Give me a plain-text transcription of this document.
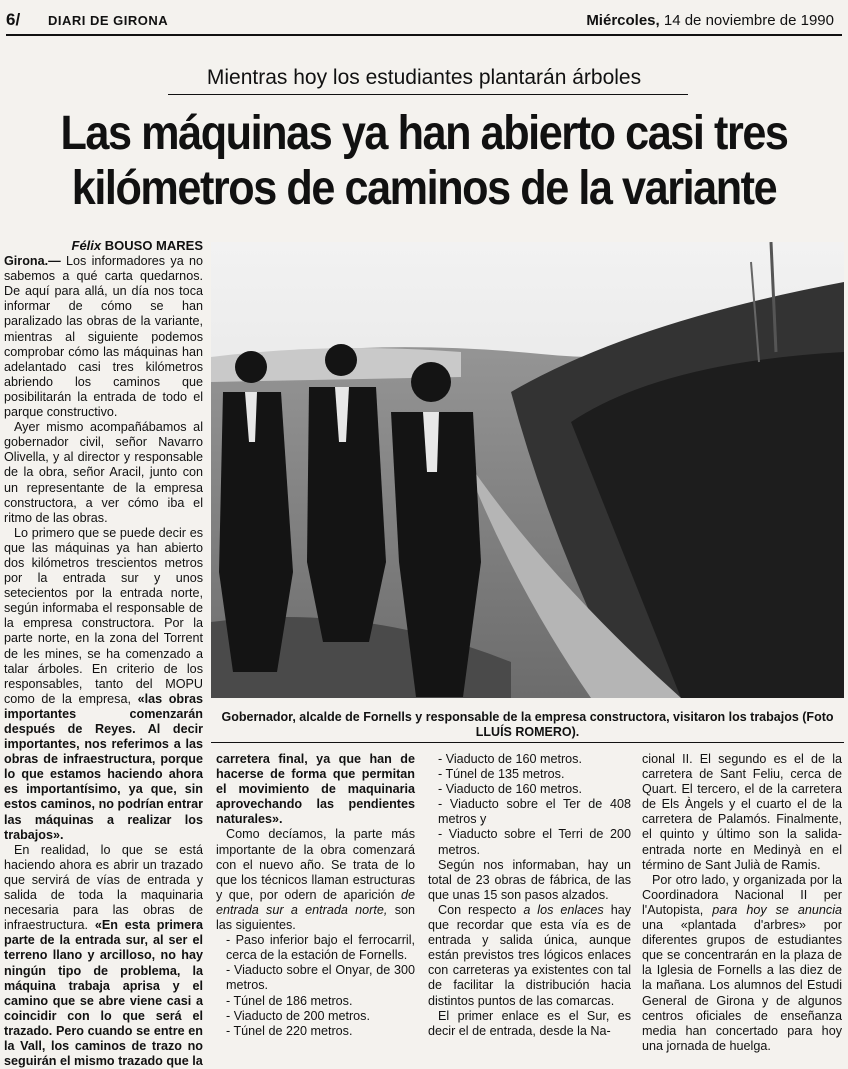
6/ DIARI DE GIRONA	Miércoles, 14 de noviembre de 1990
Mientras hoy los estudiantes plantarán árboles
Las máquinas ya han abierto casi tres
kilómetros de caminos de la variante
Félix BOUSO MARES

Girona.— Los informadores ya no sabemos a qué carta quedarnos. De aquí para allá, un día nos toca informar de cómo se han paralizado las obras de la variante, mientras al siguiente podemos comprobar cómo las máquinas han adelantado casi tres kilómetros abriendo los caminos que posibilitarán la entrada de todo el parque constructivo.

Ayer mismo acompañábamos al gobernador civil, señor Navarro Olivella, y al director y responsable de la obra, señor Aracil, junto con un representante de la empresa constructora, a ver cómo iba el ritmo de las obras.

Lo primero que se puede decir es que las máquinas ya han abierto dos kilómetros trescientos metros por la entrada sur y unos setecientos por la entrada norte, según informaba el responsable de la empresa constructora. Por la parte norte, en la zona del Torrent de les mines, se ha comenzado a talar árboles. En criterio de los responsables, tanto del MOPU como de la empresa, «las obras importantes comenzarán después de Reyes. Al decir importantes, nos referimos a las obras de infraestructura, porque lo que estamos haciendo ahora es importantísimo, ya que, sin estos caminos, no podrían entrar las máquinas a realizar los trabajos».

En realidad, lo que se está haciendo ahora es abrir un trazado que servirá de vías de entrada y salida de toda la maquinaria necesaria para las obras de infraestructura. «En esta primera parte de la entrada sur, al ser el terreno llano y arcilloso, no hay ningún tipo de problema, la máquina trabaja aprisa y el camino que se abre viene casi a coincidir con lo que será el trazado. Pero cuando se entre en la Vall, los caminos de trazo no seguirán el mismo trazado que la

Gobernador, alcalde de Fornells y responsable de la empresa constructora, visitaron los trabajos (Foto LLUÍS ROMERO).

carretera final, ya que han de hacerse de forma que permitan el movimiento de maquinaria aprovechando las pendientes naturales».

Como decíamos, la parte más importante de la obra comenzará con el nuevo año. Se trata de lo que los técnicos llaman estructuras y que, por odern de aparición de entrada sur a entrada norte, son las siguientes.

- Paso inferior bajo el ferrocarril, cerca de la estación de Fornells.

- Viaducto sobre el Onyar, de 300 metros.

- Túnel de 186 metros.

- Viaducto de 200 metros.

- Túnel de 220 metros.

- Viaducto de 160 metros.

- Túnel de 135 metros.

- Viaducto de 160 metros.

- Viaducto sobre el Ter de 408 metros y

- Viaducto sobre el Terri de 200 metros.

Según nos informaban, hay un total de 23 obras de fábrica, de las que unas 15 son pasos alzados.

Con respecto a los enlaces hay que recordar que esta vía es de entrada y salida única, aunque están previstos tres lógicos enlaces con carreteras ya existentes con tal de facilitar la distribución hacia distintos puntos de las comarcas.

El primer enlace es el Sur, es decir el de entrada, desde la Na-

cional II. El segundo es el de la carretera de Sant Feliu, cerca de Quart. El tercero, el de la carretera de Els Àngels y el cuarto el de la carretera de Palamós. Finalmente, el quinto y último son la salida-entrada norte en Medinyà en el término de Sant Julià de Ramis.

Por otro lado, y organizada por la Coordinadora Nacional II per l'Autopista, para hoy se anuncia una «plantada d'arbres» por diferentes grupos de estudiantes que se concentrarán en la plaza de la Iglesia de Fornells a las diez de la mañana. Los alumnos del Estudi General de Girona y de algunos centros oficiales de enseñanza media han concertado para hoy una jornada de huelga.
